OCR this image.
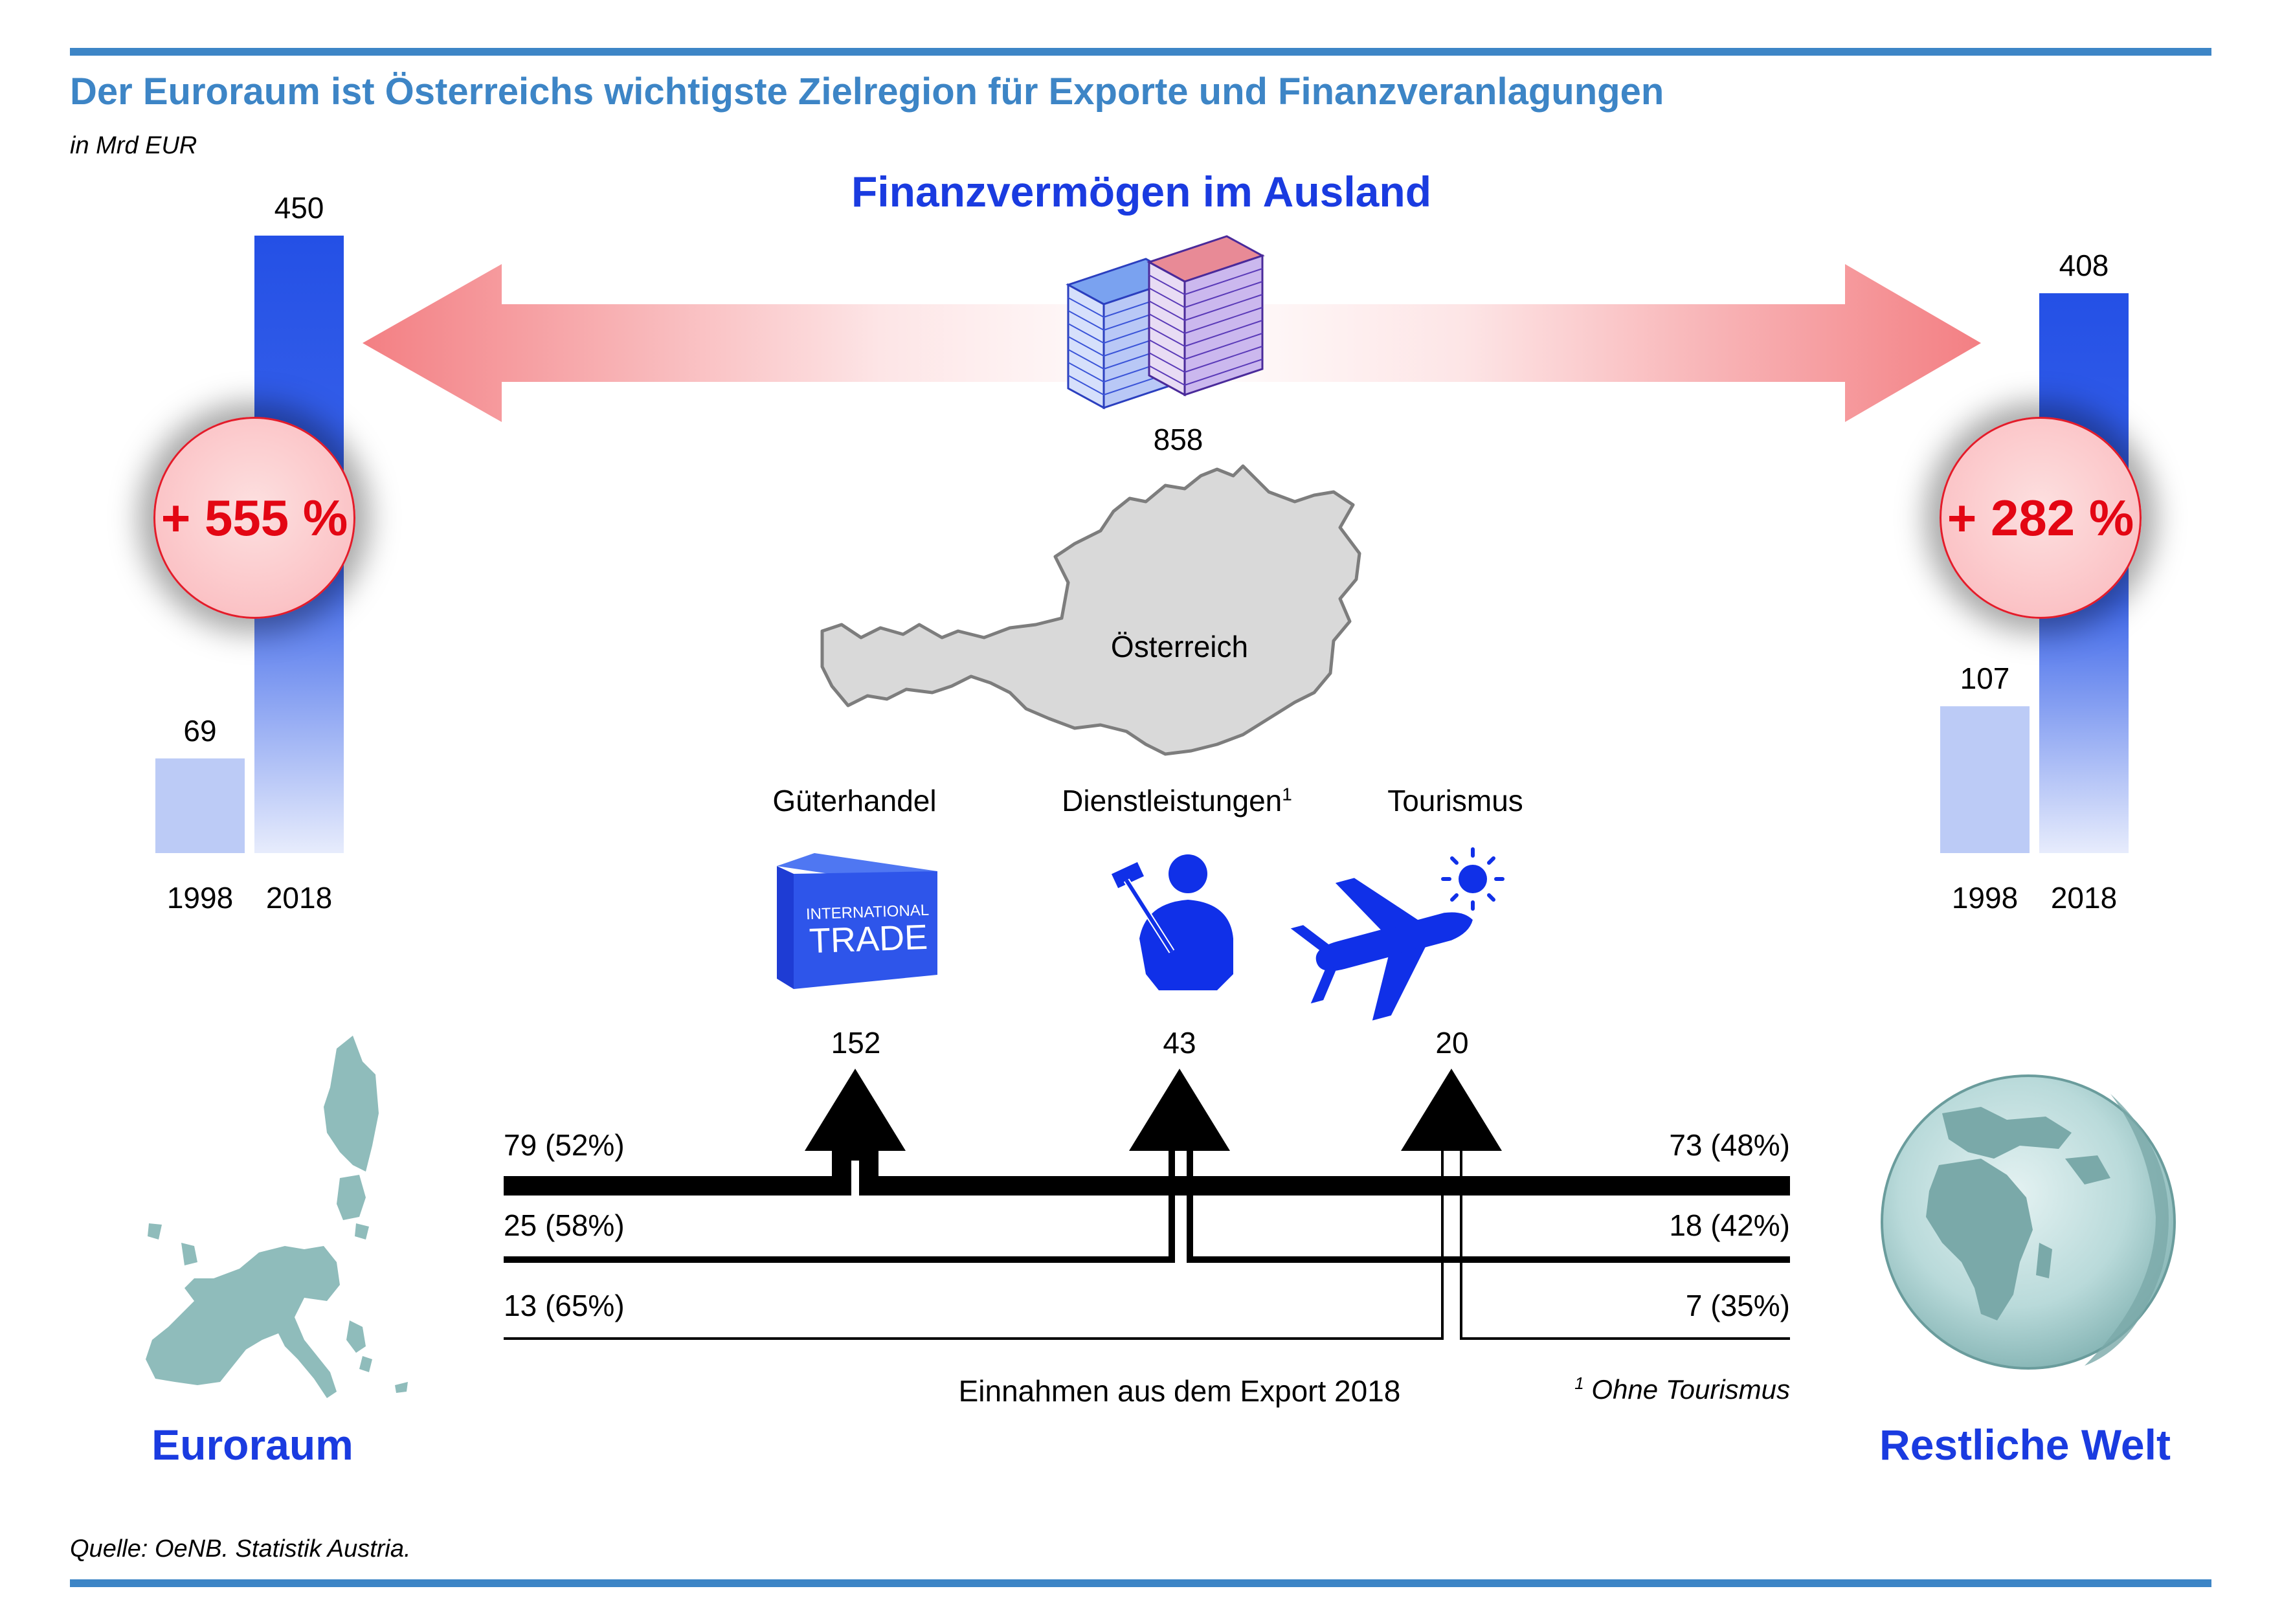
Der Euroraum ist Österreichs wichtigste Zielregion für Exporte und Finanzveranlagungen
in Mrd EUR
Finanzvermögen im Ausland
858
Österreich
Güterhandel	Dienstleistungen$^1$	Tourismus
INTERNATIONAL
TRADE
152	43	20
79 (52%)	73 (48%)
25 (58%)	18 (42%)
13 (65%)	7 (35%)
Einnahmen aus dem Export 2018	$^1$ Ohne Tourismus
69
450
107
408
1998 2018	1998 2018
+ 555 %	+ 282 %
Euroraum	Restliche Welt
Quelle: OeNB. Statistik Austria.
